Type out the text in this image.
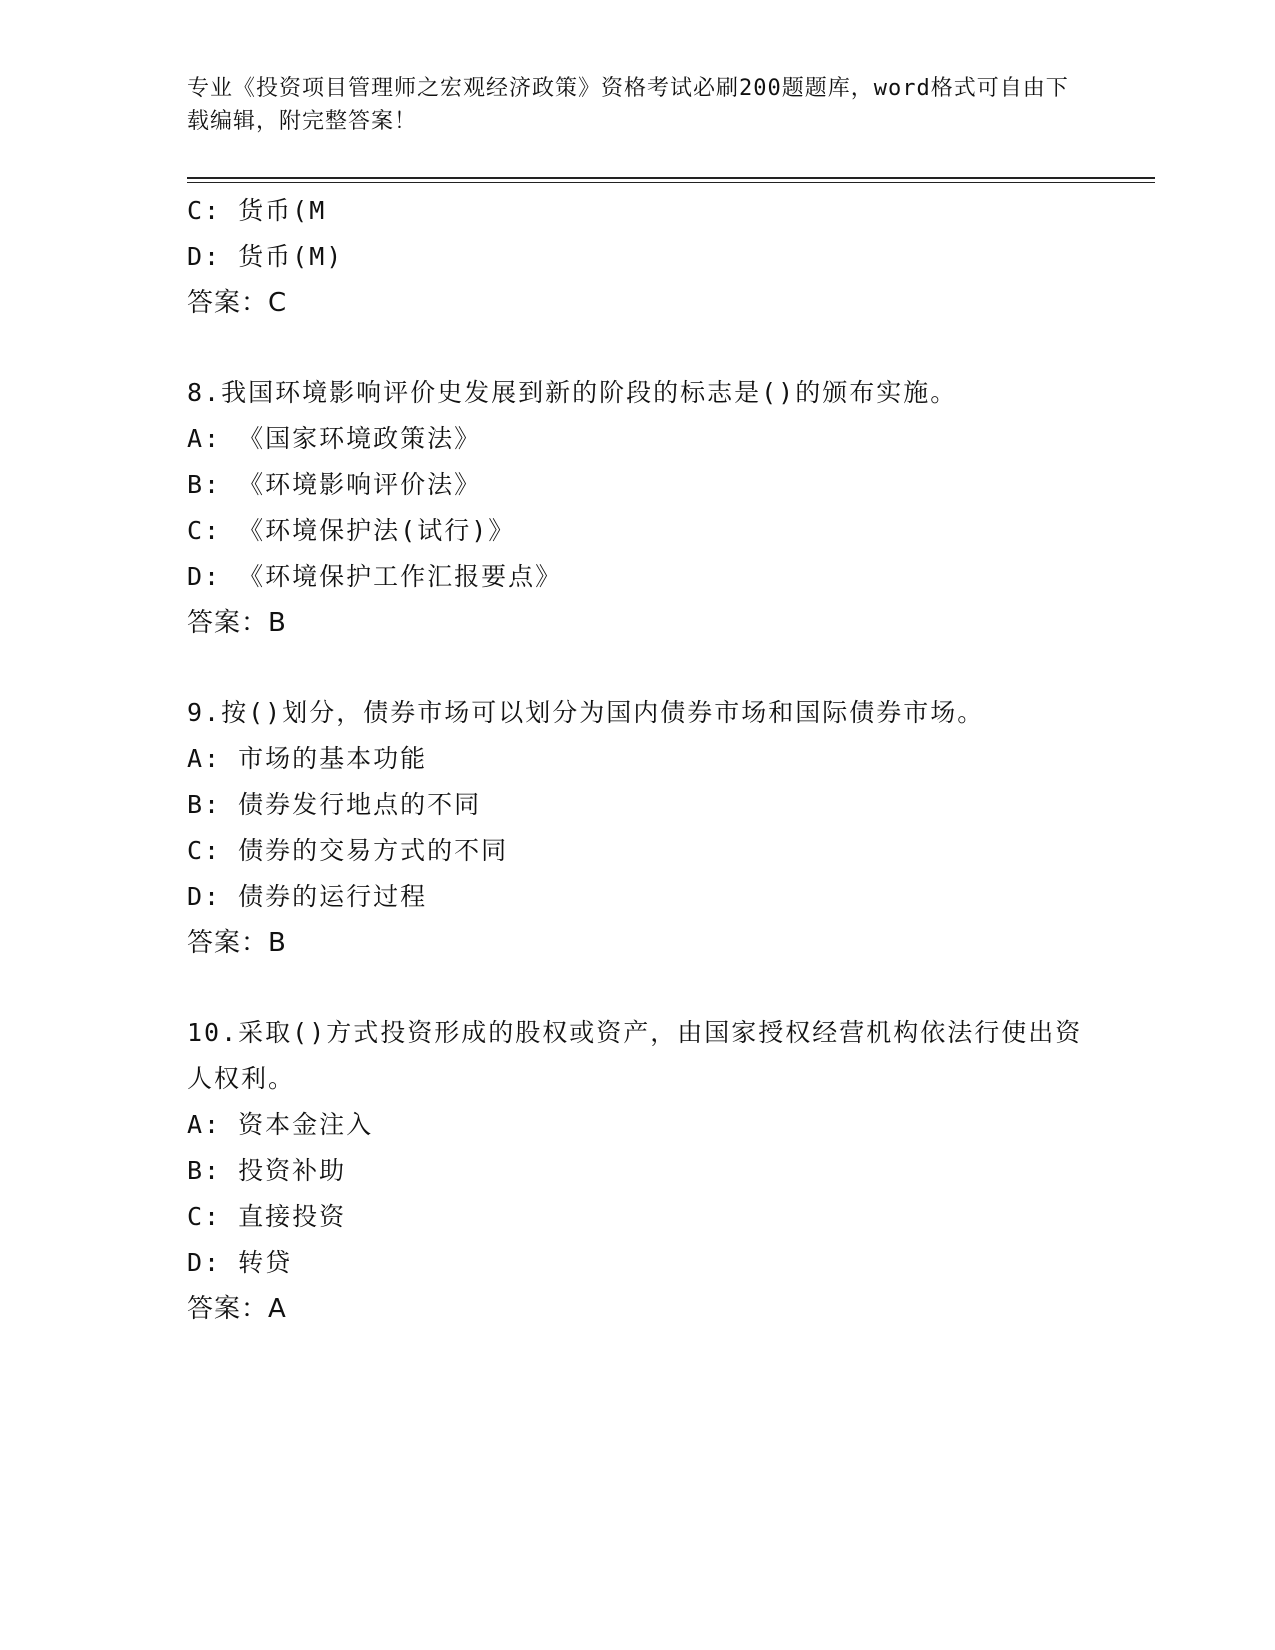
专业《投资项目管理师之宏观经济政策》资格考试必刷200题题库，word格式可自由下载编辑，附完整答案！
C: 货币(M
D: 货币(M)
答案：C
8.我国环境影响评价史发展到新的阶段的标志是()的颁布实施。
A: 《国家环境政策法》
B: 《环境影响评价法》
C: 《环境保护法(试行)》
D: 《环境保护工作汇报要点》
答案：B
9.按()划分，债券市场可以划分为国内债券市场和国际债券市场。
A: 市场的基本功能
B: 债券发行地点的不同
C: 债券的交易方式的不同
D: 债券的运行过程
答案：B
10.采取()方式投资形成的股权或资产，由国家授权经营机构依法行使出资人权利。
A: 资本金注入
B: 投资补助
C: 直接投资
D: 转贷
答案：A
